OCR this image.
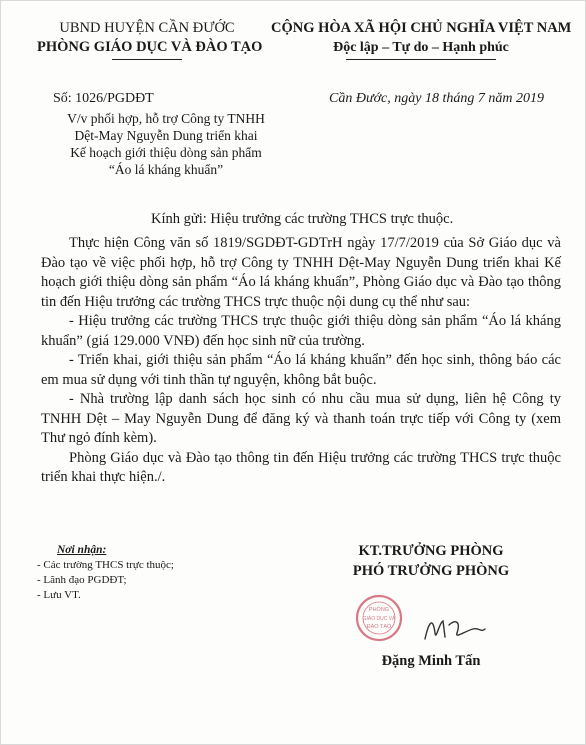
UBND HUYỆN CẦN ĐƯỚC
PHÒNG GIÁO DỤC VÀ ĐÀO TẠO
CỘNG HÒA XÃ HỘI CHỦ NGHĨA VIỆT NAM
Độc lập – Tự do – Hạnh phúc
Số: 1026/PGDĐT	Cần Đước, ngày 18 tháng 7 năm 2019
V/v phối hợp, hỗ trợ Công ty TNHH
Dệt-May Nguyễn Dung triển khai
Kế hoạch giới thiệu dòng sản phẩm
“Áo lá kháng khuẩn”
Kính gửi: Hiệu trưởng các trường THCS trực thuộc.

Thực hiện Công văn số 1819/SGDĐT-GDTrH ngày 17/7/2019 của Sở Giáo dục và Đào tạo về việc phối hợp, hỗ trợ Công ty TNHH Dệt-May Nguyễn Dung triển khai Kế hoạch giới thiệu dòng sản phẩm “Áo lá kháng khuẩn”, Phòng Giáo dục và Đào tạo thông tin đến Hiệu trưởng các trường THCS trực thuộc nội dung cụ thể như sau:

- Hiệu trưởng các trường THCS trực thuộc giới thiệu dòng sản phẩm “Áo lá kháng khuẩn” (giá 129.000 VNĐ) đến học sinh nữ của trường.

- Triển khai, giới thiệu sản phẩm “Áo lá kháng khuẩn” đến học sinh, thông báo các em mua sử dụng với tinh thần tự nguyện, không bắt buộc.

- Nhà trường lập danh sách học sinh có nhu cầu mua sử dụng, liên hệ Công ty TNHH Dệt – May Nguyễn Dung để đăng ký và thanh toán trực tiếp với Công ty (xem Thư ngỏ đính kèm).

Phòng Giáo dục và Đào tạo thông tin đến Hiệu trưởng các trường THCS trực thuộc triển khai thực hiện./.

Nơi nhận:
- Các trường THCS trực thuộc;
- Lãnh đạo PGDĐT;
- Lưu VT.
KT.TRƯỞNG PHÒNG
PHÓ TRƯỞNG PHÒNG
PHÒNG
GIÁO DỤC VÀ
ĐÀO TẠO
Đặng Minh Tấn
